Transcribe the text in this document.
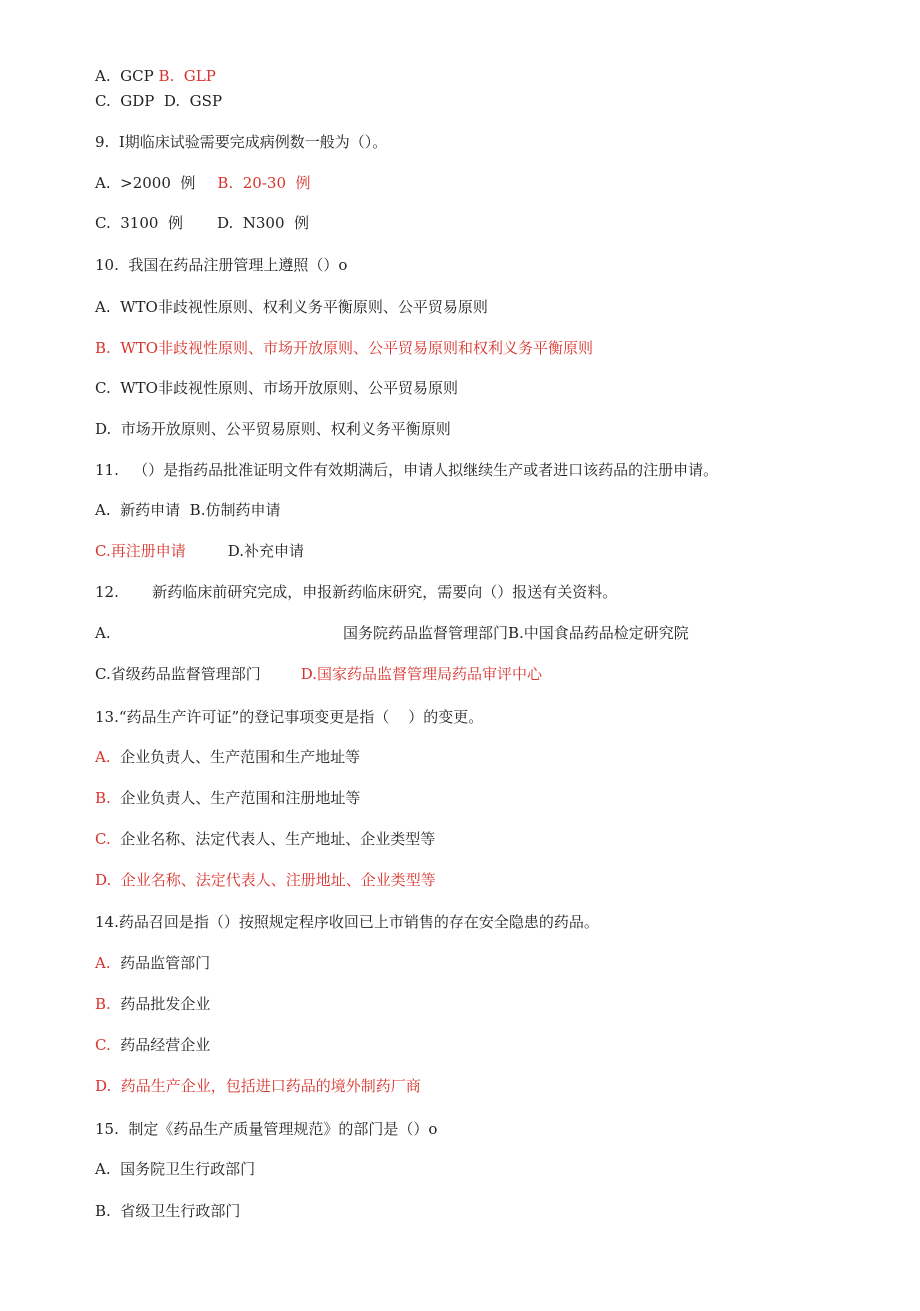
A.  GCP B.  GLP
C.  GDP  D.  GSP
9.  I期临床试验需要完成病例数一般为（）。
A.  >2000  例 B.  20-30  例
C.  3100  例 D.  N300  例
10.  我国在药品注册管理上遵照（）o
A.  WTO非歧视性原则、权利义务平衡原则、公平贸易原则
B.  WTO非歧视性原则、市场开放原则、公平贸易原则和权利义务平衡原则
C.  WTO非歧视性原则、市场开放原则、公平贸易原则
D.  市场开放原则、公平贸易原则、权利义务平衡原则
11.   （）是指药品批准证明文件有效期满后，申请人拟继续生产或者进口该药品的注册申请。
A.  新药申请  B.仿制药申请
C.再注册申请	D.补充申请
12.       新药临床前研究完成，申报新药临床研究，需要向（）报送有关资料。
A.	国务院药品监督管理部门B.中国食品药品检定研究院
C.省级药品监督管理部门	D.国家药品监督管理局药品审评中心
13.“药品生产许可证”的登记事项变更是指（    ）的变更。
A. 企业负责人、生产范围和生产地址等
B. 企业负责人、生产范围和注册地址等
C. 企业名称、法定代表人、生产地址、企业类型等
D.  企业名称、法定代表人、注册地址、企业类型等
14.药品召回是指（）按照规定程序收回已上市销售的存在安全隐患的药品。
A. 药品监管部门
B. 药品批发企业
C. 药品经营企业
D.  药品生产企业，包括进口药品的境外制药厂商
15.  制定《药品生产质量管理规范》的部门是（）o
A.  国务院卫生行政部门
B.  省级卫生行政部门
